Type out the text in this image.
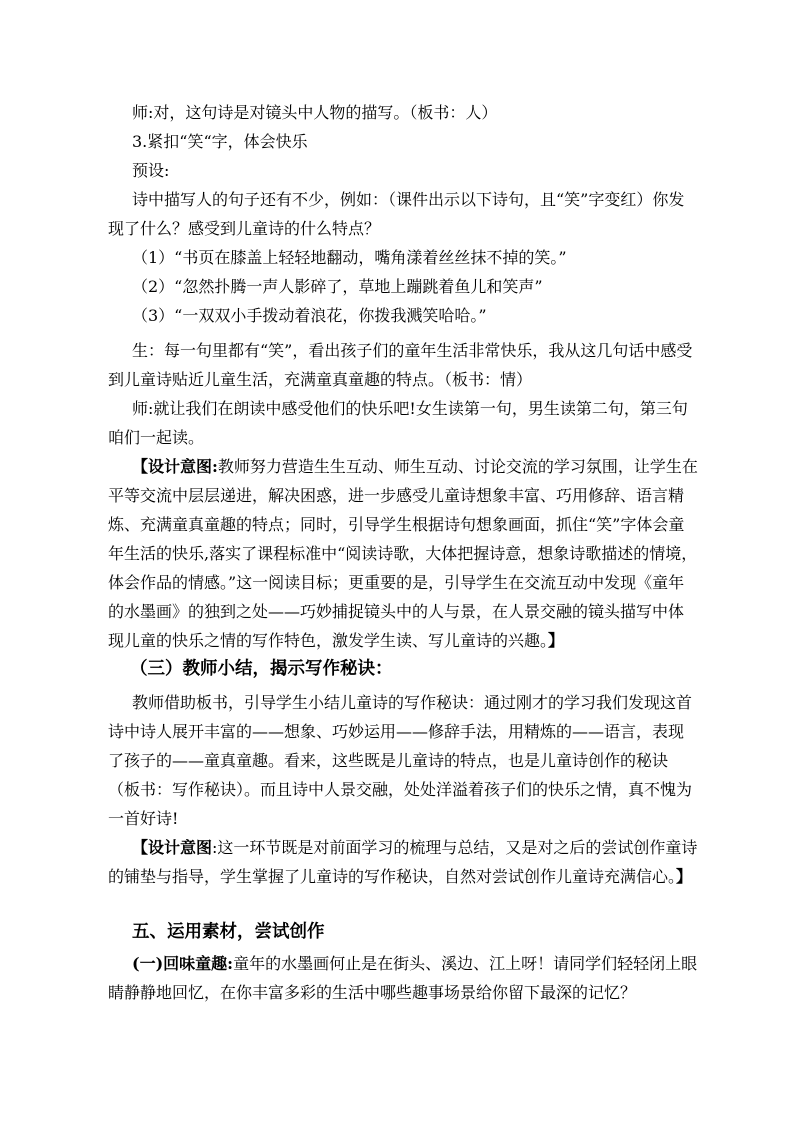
师:对，这句诗是对镜头中人物的描写。（板书：人）

3.紧扣“笑“字，体会快乐

预设:

诗中描写人的句子还有不少，例如：（课件出示以下诗句，且“笑”字变红）你发现了什么？感受到儿童诗的什么特点？

（1）“书页在膝盖上轻轻地翻动，嘴角漾着丝丝抹不掉的笑。”

（2）“忽然扑腾一声人影碎了，草地上蹦跳着鱼儿和笑声”

（3）“一双双小手拨动着浪花，你拨我溅笑哈哈。”

生：每一句里都有“笑”，看出孩子们的童年生活非常快乐，我从这几句话中感受到儿童诗贴近儿童生活，充满童真童趣的特点。（板书：情）

师:就让我们在朗读中感受他们的快乐吧!女生读第一句，男生读第二句，第三句咱们一起读。

【设计意图:教师努力营造生生互动、师生互动、讨论交流的学习氛围，让学生在平等交流中层层递进，解决困惑，进一步感受儿童诗想象丰富、巧用修辞、语言精炼、充满童真童趣的特点；同时，引导学生根据诗句想象画面，抓住“笑”字体会童年生活的快乐,落实了课程标准中“阅读诗歌，大体把握诗意，想象诗歌描述的情境，体会作品的情感。”这一阅读目标；更重要的是，引导学生在交流互动中发现《童年的水墨画》的独到之处——巧妙捕捉镜头中的人与景，在人景交融的镜头描写中体现儿童的快乐之情的写作特色，激发学生读、写儿童诗的兴趣。】

（三）教师小结，揭示写作秘诀：

教师借助板书，引导学生小结儿童诗的写作秘诀：通过刚才的学习我们发现这首诗中诗人展开丰富的——想象、巧妙运用——修辞手法，用精炼的——语言，表现了孩子的——童真童趣。看来，这些既是儿童诗的特点，也是儿童诗创作的秘诀（板书：写作秘诀）。而且诗中人景交融，处处洋溢着孩子们的快乐之情，真不愧为一首好诗!

【设计意图:这一环节既是对前面学习的梳理与总结，又是对之后的尝试创作童诗的铺垫与指导，学生掌握了儿童诗的写作秘诀，自然对尝试创作儿童诗充满信心。】

五、运用素材，尝试创作

(一)回味童趣:童年的水墨画何止是在街头、溪边、江上呀！请同学们轻轻闭上眼睛静静地回忆，在你丰富多彩的生活中哪些趣事场景给你留下最深的记忆？
